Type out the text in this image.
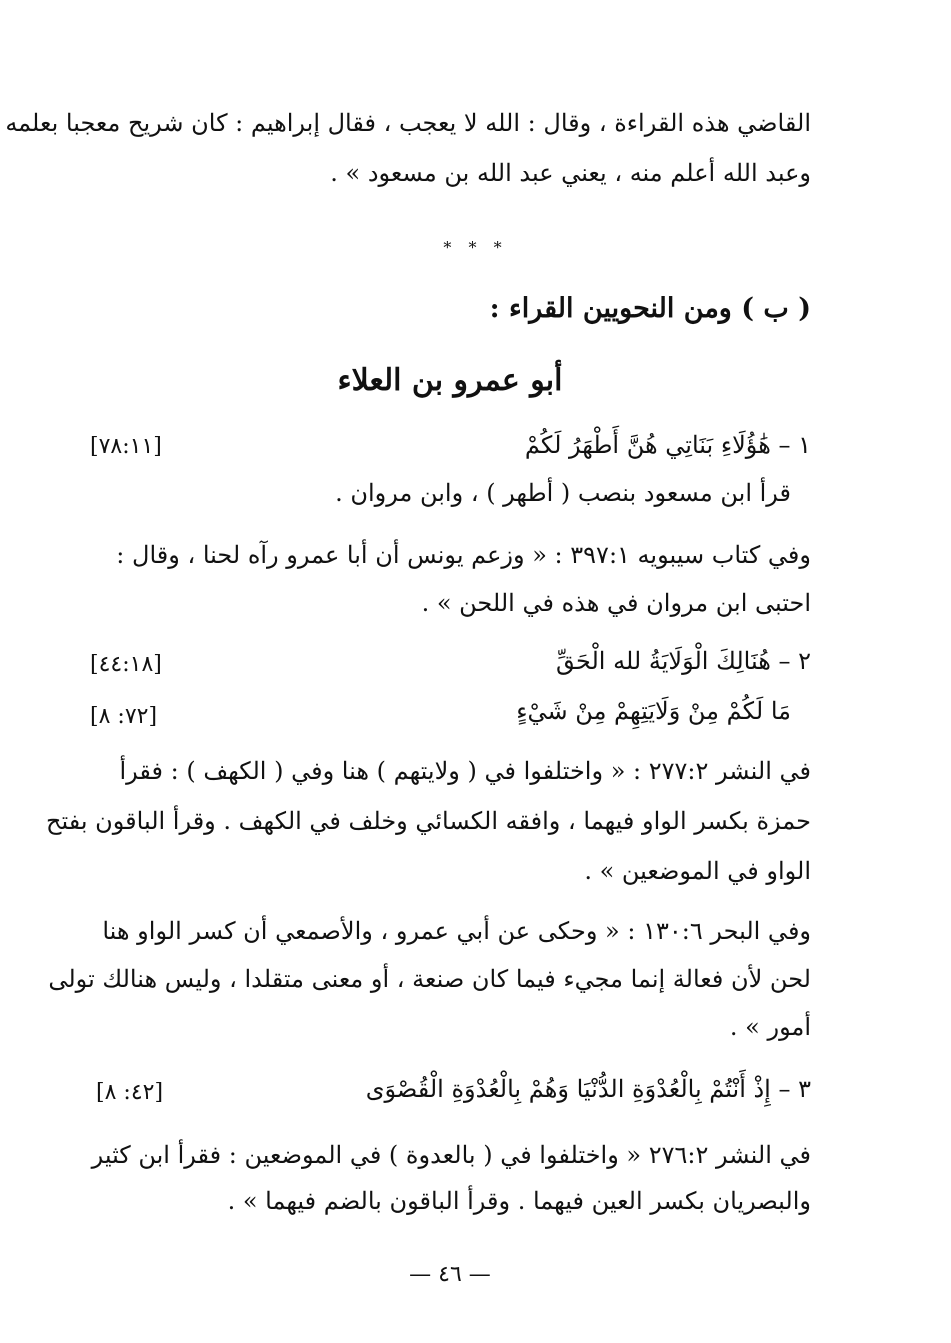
القاضي هذه القراءة ، وقال : الله لا يعجب ، فقال إبراهيم : كان شريح معجبا بعلمه
وعبد الله أعلم منه ، يعني عبد الله بن مسعود » .
* * *
( ب ) ومن النحويين القراء :
أبو عمرو بن العلاء
١ – هَٰؤُلَاءِ بَنَاتِي هُنَّ أَطْهَرُ لَكُمْ
[٧٨:١١]
قرأ ابن مسعود بنصب ( أطهر ) ، وابن مروان .
وفي كتاب سيبويه ٣٩٧:١ : « وزعم يونس أن أبا عمرو رآه لحنا ، وقال :
احتبى ابن مروان في هذه في اللحن » .
٢ – هُنَالِكَ الْوَلَايَةُ لله الْحَقِّ
[٤٤:١٨]
مَا لَكُمْ مِنْ وَلَايَتِهِمْ مِنْ شَيْءٍ
[٧٢: ٨]
في النشر ٢٧٧:٢ : « واختلفوا في ( ولايتهم ) هنا وفي ( الكهف ) : فقرأ
حمزة بكسر الواو فيهما ، وافقه الكسائي وخلف في الكهف . وقرأ الباقون بفتح
الواو في الموضعين » .
وفي البحر ١٣٠:٦ : « وحكى عن أبي عمرو ، والأصمعي أن كسر الواو هنا
لحن لأن فعالة إنما مجيء فيما كان صنعة ، أو معنى متقلدا ، وليس هنالك تولى
أمور » .
٣ – إِذْ أَنْتُمْ بِالْعُدْوَةِ الدُّنْيَا وَهُمْ بِالْعُدْوَةِ الْقُصْوَى
[٤٢: ٨]
في النشر ٢٧٦:٢ « واختلفوا في ( بالعدوة ) في الموضعين : فقرأ ابن كثير
والبصريان بكسر العين فيهما . وقرأ الباقون بالضم فيهما » .
— ٤٦ —
